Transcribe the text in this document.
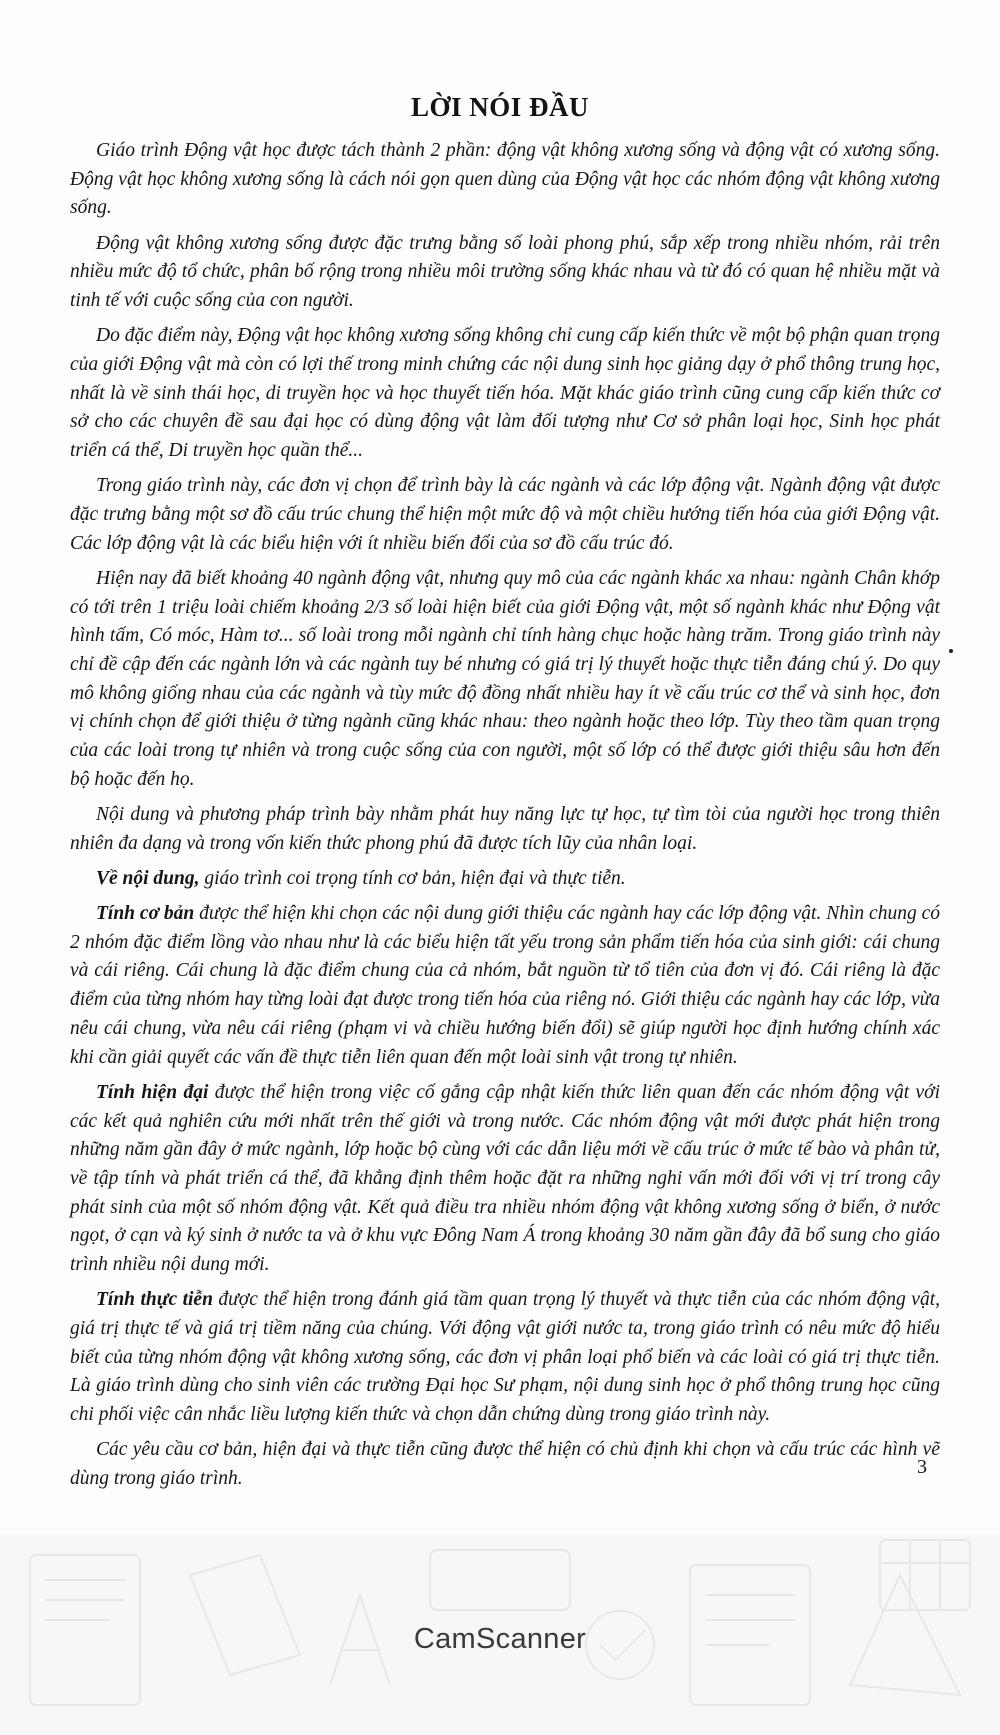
LỜI NÓI ĐẦU

Giáo trình Động vật học được tách thành 2 phần: động vật không xương sống và động vật có xương sống. Động vật học không xương sống là cách nói gọn quen dùng của Động vật học các nhóm động vật không xương sống.

Động vật không xương sống được đặc trưng bằng số loài phong phú, sắp xếp trong nhiều nhóm, rải trên nhiều mức độ tổ chức, phân bố rộng trong nhiều môi trường sống khác nhau và từ đó có quan hệ nhiều mặt và tinh tế với cuộc sống của con người.

Do đặc điểm này, Động vật học không xương sống không chỉ cung cấp kiến thức về một bộ phận quan trọng của giới Động vật mà còn có lợi thế trong minh chứng các nội dung sinh học giảng dạy ở phổ thông trung học, nhất là về sinh thái học, di truyền học và học thuyết tiến hóa. Mặt khác giáo trình cũng cung cấp kiến thức cơ sở cho các chuyên đề sau đại học có dùng động vật làm đối tượng như Cơ sở phân loại học, Sinh học phát triển cá thể, Di truyền học quần thể...

Trong giáo trình này, các đơn vị chọn để trình bày là các ngành và các lớp động vật. Ngành động vật được đặc trưng bằng một sơ đồ cấu trúc chung thể hiện một mức độ và một chiều hướng tiến hóa của giới Động vật. Các lớp động vật là các biểu hiện với ít nhiều biến đổi của sơ đồ cấu trúc đó.

Hiện nay đã biết khoảng 40 ngành động vật, nhưng quy mô của các ngành khác xa nhau: ngành Chân khớp có tới trên 1 triệu loài chiếm khoảng 2/3 số loài hiện biết của giới Động vật, một số ngành khác như Động vật hình tấm, Có móc, Hàm tơ... số loài trong mỗi ngành chỉ tính hàng chục hoặc hàng trăm. Trong giáo trình này chỉ đề cập đến các ngành lớn và các ngành tuy bé nhưng có giá trị lý thuyết hoặc thực tiễn đáng chú ý. Do quy mô không giống nhau của các ngành và tùy mức độ đồng nhất nhiều hay ít về cấu trúc cơ thể và sinh học, đơn vị chính chọn để giới thiệu ở từng ngành cũng khác nhau: theo ngành hoặc theo lớp. Tùy theo tầm quan trọng của các loài trong tự nhiên và trong cuộc sống của con người, một số lớp có thể được giới thiệu sâu hơn đến bộ hoặc đến họ.

Nội dung và phương pháp trình bày nhằm phát huy năng lực tự học, tự tìm tòi của người học trong thiên nhiên đa dạng và trong vốn kiến thức phong phú đã được tích lũy của nhân loại.

Về nội dung, giáo trình coi trọng tính cơ bản, hiện đại và thực tiễn.

Tính cơ bản được thể hiện khi chọn các nội dung giới thiệu các ngành hay các lớp động vật. Nhìn chung có 2 nhóm đặc điểm lồng vào nhau như là các biểu hiện tất yếu trong sản phẩm tiến hóa của sinh giới: cái chung và cái riêng. Cái chung là đặc điểm chung của cả nhóm, bắt nguồn từ tổ tiên của đơn vị đó. Cái riêng là đặc điểm của từng nhóm hay từng loài đạt được trong tiến hóa của riêng nó. Giới thiệu các ngành hay các lớp, vừa nêu cái chung, vừa nêu cái riêng (phạm vi và chiều hướng biến đổi) sẽ giúp người học định hướng chính xác khi cần giải quyết các vấn đề thực tiễn liên quan đến một loài sinh vật trong tự nhiên.

Tính hiện đại được thể hiện trong việc cố gắng cập nhật kiến thức liên quan đến các nhóm động vật với các kết quả nghiên cứu mới nhất trên thế giới và trong nước. Các nhóm động vật mới được phát hiện trong những năm gần đây ở mức ngành, lớp hoặc bộ cùng với các dẫn liệu mới về cấu trúc ở mức tế bào và phân tử, về tập tính và phát triển cá thể, đã khẳng định thêm hoặc đặt ra những nghi vấn mới đối với vị trí trong cây phát sinh của một số nhóm động vật. Kết quả điều tra nhiều nhóm động vật không xương sống ở biển, ở nước ngọt, ở cạn và ký sinh ở nước ta và ở khu vực Đông Nam Á trong khoảng 30 năm gần đây đã bổ sung cho giáo trình nhiều nội dung mới.

Tính thực tiễn được thể hiện trong đánh giá tầm quan trọng lý thuyết và thực tiễn của các nhóm động vật, giá trị thực tế và giá trị tiềm năng của chúng. Với động vật giới nước ta, trong giáo trình có nêu mức độ hiểu biết của từng nhóm động vật không xương sống, các đơn vị phân loại phổ biến và các loài có giá trị thực tiễn. Là giáo trình dùng cho sinh viên các trường Đại học Sư phạm, nội dung sinh học ở phổ thông trung học cũng chi phối việc cân nhắc liều lượng kiến thức và chọn dẫn chứng dùng trong giáo trình này.

Các yêu cầu cơ bản, hiện đại và thực tiễn cũng được thể hiện có chủ định khi chọn và cấu trúc các hình vẽ dùng trong giáo trình.

3
CamScanner
